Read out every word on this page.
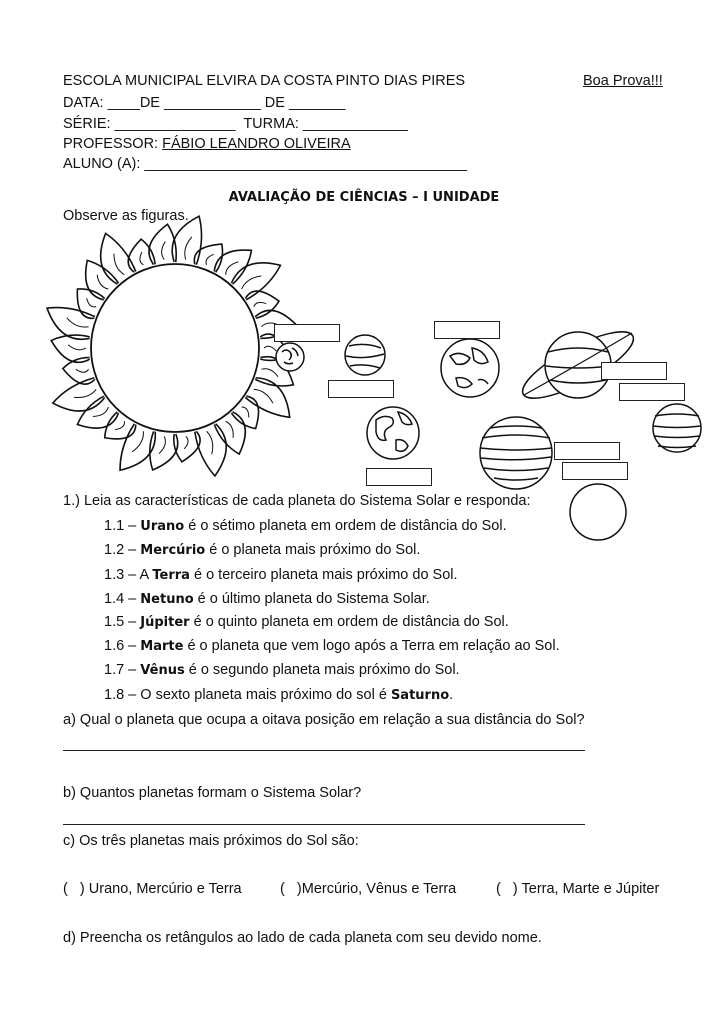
ESCOLA MUNICIPAL ELVIRA DA COSTA PINTO DIAS PIRES	Boa Prova!!!
DATA: ____DE ____________ DE _______
SÉRIE: _______________  TURMA: _____________
PROFESSOR: FÁBIO LEANDRO OLIVEIRA
ALUNO (A): ________________________________________
AVALIAÇÃO DE CIÊNCIAS – I UNIDADE
Observe as figuras.
1.) Leia as características de cada planeta do Sistema Solar e responda:
1.1 – Urano é o sétimo planeta em ordem de distância do Sol.
1.2 – Mercúrio é o planeta mais próximo do Sol.
1.3 – A Terra é o terceiro planeta mais próximo do Sol.
1.4 – Netuno é o último planeta do Sistema Solar.
1.5 – Júpiter é o quinto planeta em ordem de distância do Sol.
1.6 – Marte é o planeta que vem logo após a Terra em relação ao Sol.
1.7 – Vênus é o segundo planeta mais próximo do Sol.
1.8 – O sexto planeta mais próximo do sol é Saturno.
a) Qual o planeta que ocupa a oitava posição em relação a sua distância do Sol?
b) Quantos planetas formam o Sistema Solar?
c) Os três planetas mais próximos do Sol são:
(   ) Urano, Mercúrio e Terra	(   )Mercúrio, Vênus e Terra	(   ) Terra, Marte e Júpiter
d) Preencha os retângulos ao lado de cada planeta com seu devido nome.
